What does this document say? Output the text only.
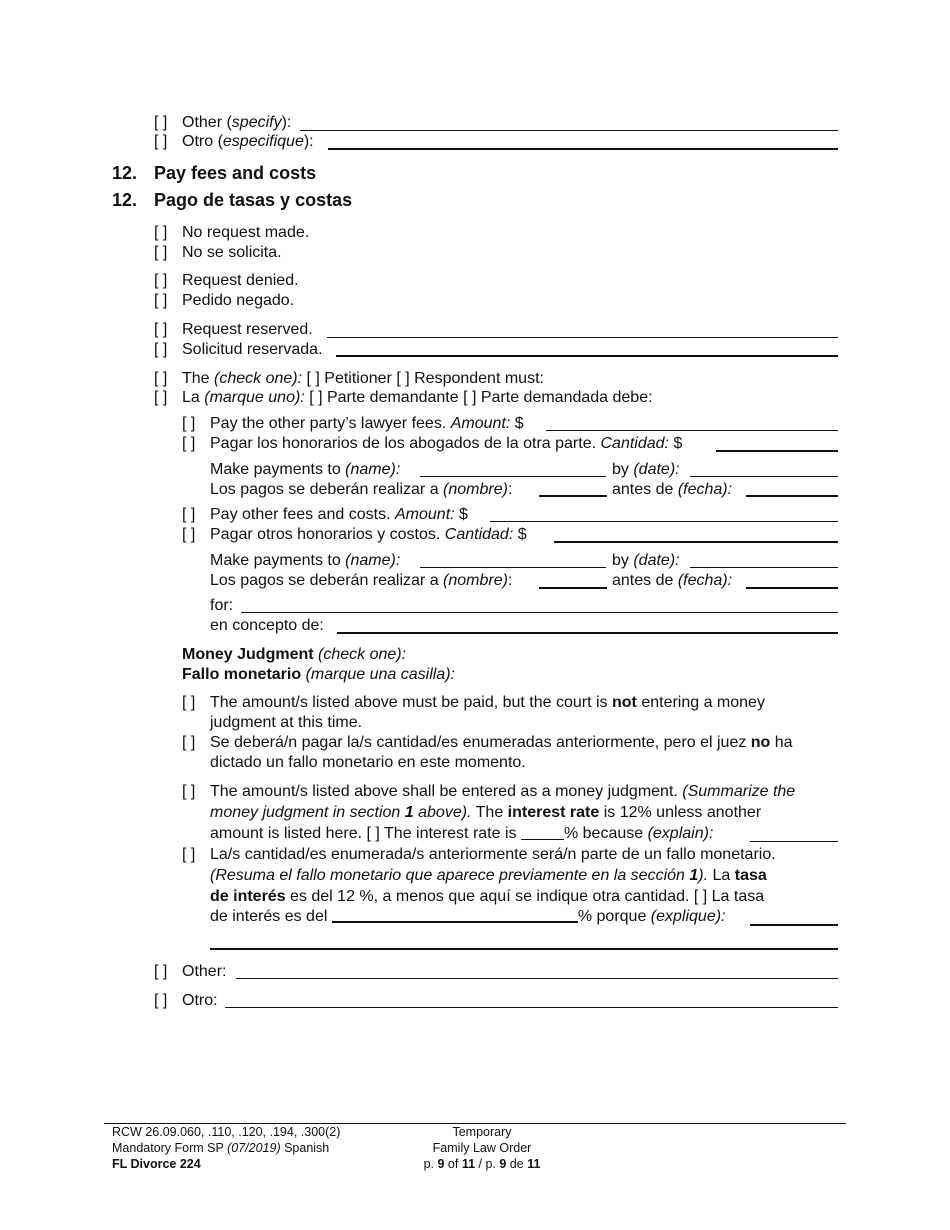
[ ] Other (specify):
[ ] Otro (especifique):
12. Pay fees and costs
12. Pago de tasas y costas
[ ] No request made.
[ ] No se solicita.
[ ] Request denied.
[ ] Pedido negado.
[ ] Request reserved.
[ ] Solicitud reservada.
[ ] The (check one): [ ] Petitioner [ ] Respondent must:
[ ] La (marque uno): [ ] Parte demandante [ ] Parte demandada debe:
[ ] Pay the other party’s lawyer fees. Amount: $
[ ] Pagar los honorarios de los abogados de la otra parte. Cantidad: $
Make payments to (name):	by (date):
Los pagos se deberán realizar a (nombre):	antes de (fecha):
[ ] Pay other fees and costs. Amount: $
[ ] Pagar otros honorarios y costos. Cantidad: $
Make payments to (name):	by (date):
Los pagos se deberán realizar a (nombre):	antes de (fecha):
for:
en concepto de:
Money Judgment (check one):
Fallo monetario (marque una casilla):
[ ] The amount/s listed above must be paid, but the court is not entering a money
judgment at this time.
[ ] Se deberá/n pagar la/s cantidad/es enumeradas anteriormente, pero el juez no ha
dictado un fallo monetario en este momento.
[ ] The amount/s listed above shall be entered as a money judgment. (Summarize the
money judgment in section 1 above). The interest rate is 12% unless another
amount is listed here. [ ] The interest rate is	% because (explain):
[ ] La/s cantidad/es enumerada/s anteriormente será/n parte de un fallo monetario.
(Resuma el fallo monetario que aparece previamente en la sección 1). La tasa
de interés es del 12 %, a menos que aquí se indique otra cantidad. [ ] La tasa
de interés es del	% porque (explique):
[ ] Other:
[ ] Otro:
RCW 26.09.060, .110, .120, .194, .300(2)
Mandatory Form SP (07/2019) Spanish
FL Divorce 224
Temporary
Family Law Order
p. 9 of 11 / p. 9 de 11
